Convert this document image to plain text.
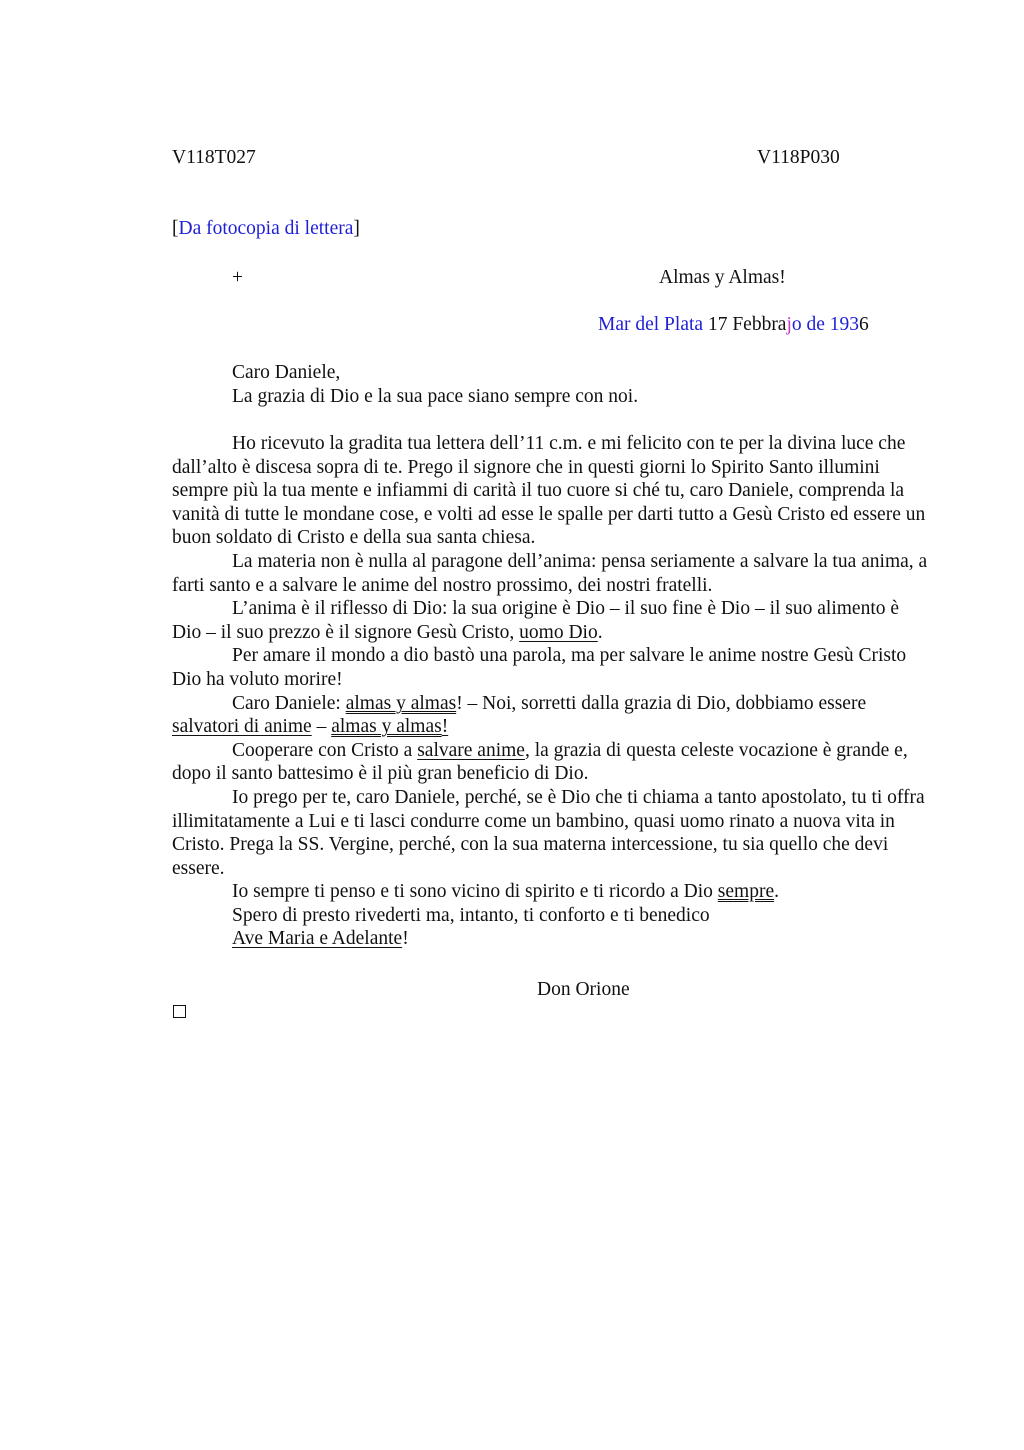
V118T027	V118P030
[Da fotocopia di lettera]
+	Almas y Almas!
Mar del Plata 17 Febbrajo de 1936
Caro Daniele,
La grazia di Dio e la sua pace siano sempre con noi.

Ho ricevuto la gradita tua lettera dell’11 c.m. e mi felicito con te per la divina luce che dall’alto è discesa sopra di te. Prego il signore che in questi giorni lo Spirito Santo illumini sempre più la tua mente e infiammi di carità il tuo cuore si ché tu, caro Daniele, comprenda la vanità di tutte le mondane cose, e volti ad esse le spalle per darti tutto a Gesù Cristo ed essere un buon soldato di Cristo e della sua santa chiesa.

La materia non è nulla al paragone dell’anima: pensa seriamente a salvare la tua anima, a farti santo e a salvare le anime del nostro prossimo, dei nostri fratelli.

L’anima è il riflesso di Dio: la sua origine è Dio – il suo fine è Dio – il suo alimento è Dio – il suo prezzo è il signore Gesù Cristo, uomo Dio.

Per amare il mondo a dio bastò una parola, ma per salvare le anime nostre Gesù Cristo Dio ha voluto morire!

Caro Daniele: almas y almas! – Noi, sorretti dalla grazia di Dio, dobbiamo essere salvatori di anime – almas y almas!

Cooperare con Cristo a salvare anime, la grazia di questa celeste vocazione è grande e, dopo il santo battesimo è il più gran beneficio di Dio.

Io prego per te, caro Daniele, perché, se è Dio che ti chiama a tanto apostolato, tu ti offra illimitatamente a Lui e ti lasci condurre come un bambino, quasi uomo rinato a nuova vita in Cristo. Prega la SS. Vergine, perché, con la sua materna intercessione, tu sia quello che devi essere.

Io sempre ti penso e ti sono vicino di spirito e ti ricordo a Dio sempre.

Spero di presto rivederti ma, intanto, ti conforto e ti benedico

Ave Maria e Adelante!

Don Orione
